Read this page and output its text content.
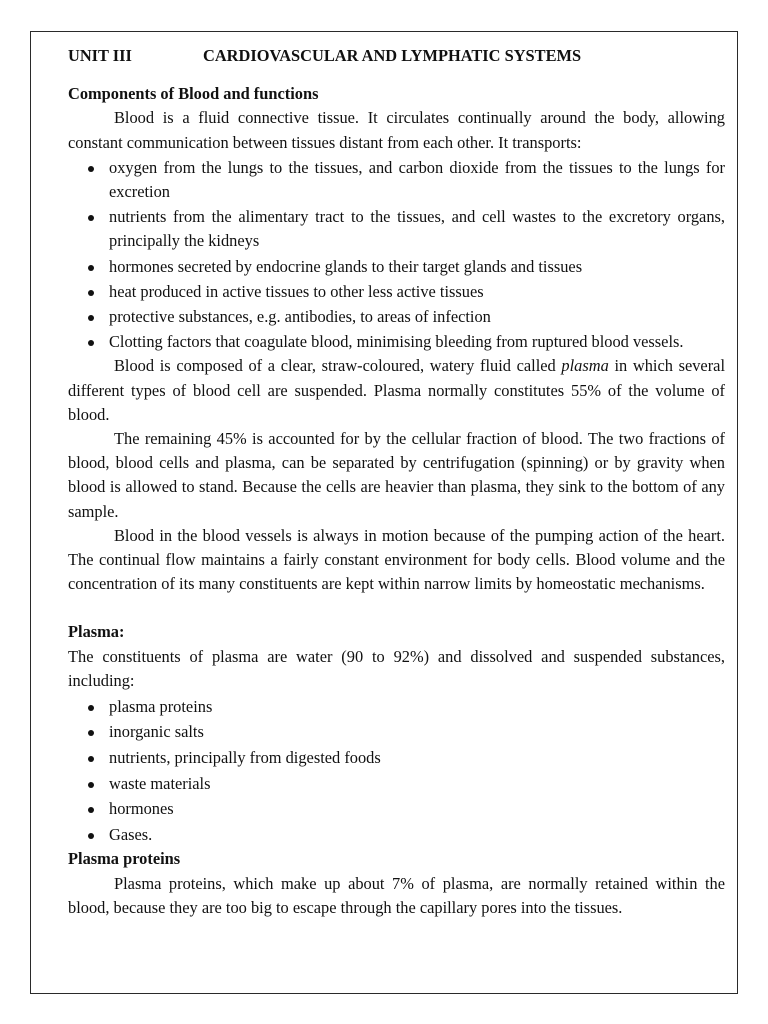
UNIT III	CARDIOVASCULAR AND LYMPHATIC SYSTEMS

Components of Blood and functions

Blood is a fluid connective tissue. It circulates continually around the body, allowing constant communication between tissues distant from each other. It transports:

oxygen from the lungs to the tissues, and carbon dioxide from the tissues to the lungs for excretion
nutrients from the alimentary tract to the tissues, and cell wastes to the excretory organs, principally the kidneys
hormones secreted by endocrine glands to their target glands and tissues
heat produced in active tissues to other less active tissues
protective substances, e.g. antibodies, to areas of infection
Clotting factors that coagulate blood, minimising bleeding from ruptured blood vessels.

Blood is composed of a clear, straw-coloured, watery fluid called plasma in which several different types of blood cell are suspended. Plasma normally constitutes 55% of the volume of blood.

The remaining 45% is accounted for by the cellular fraction of blood. The two fractions of blood, blood cells and plasma, can be separated by centrifugation (spinning) or by gravity when blood is allowed to stand. Because the cells are heavier than plasma, they sink to the bottom of any sample.

Blood in the blood vessels is always in motion because of the pumping action of the heart. The continual flow maintains a fairly constant environment for body cells. Blood volume and the concentration of its many constituents are kept within narrow limits by homeostatic mechanisms.

Plasma:

The constituents of plasma are water (90 to 92%) and dissolved and suspended substances, including:

plasma proteins
inorganic salts
nutrients, principally from digested foods
waste materials
hormones
Gases.

Plasma proteins

Plasma proteins, which make up about 7% of plasma, are normally retained within the blood, because they are too big to escape through the capillary pores into the tissues.
